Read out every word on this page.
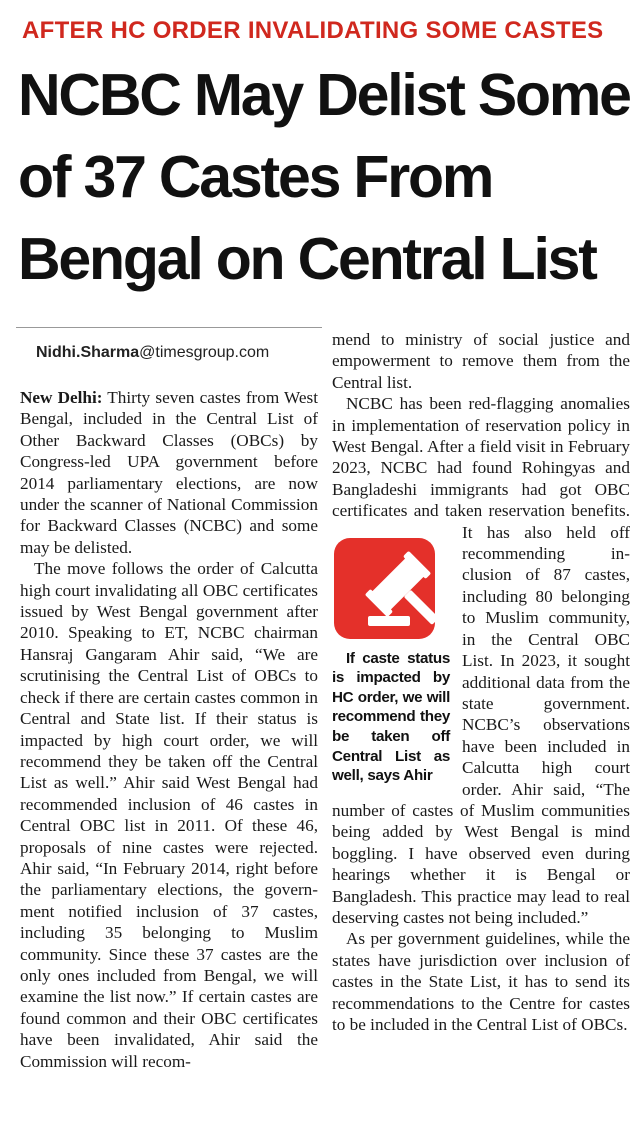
AFTER HC ORDER INVALIDATING SOME CASTES
NCBC May Delist Some
of 37 Castes From
Bengal on Central List
Nidhi.Sharma@timesgroup.com

New Delhi: Thirty seven castes from West Bengal, included in the Central List of Other Backward Classes (OBCs) by Congress-led UPA government before 2014 parliamentary elections, are now under the scanner of National Commission for Backward Classes (NCBC) and some may be delisted.

The move follows the order of Calcutta high court invalidating all OBC certificates issued by West Bengal government after 2010. Speaking to ET, NCBC chairman Hansraj Gangaram Ahir said, “We are scrutinising the Central List of OBCs to check if there are certain castes common in Central and State list. If their status is impacted by high court order, we will recommend they be taken off the Central List as well.” Ahir said West Bengal had recommended inclusion of 46 castes in Central OBC list in 2011. Of these 46, proposals of nine castes were rejected. Ahir said, “In February 2014, right before the parliamentary elections, the government notified inclusion of 37 castes, including 35 belonging to Muslim community. Since these 37 castes are the only ones included from Bengal, we will examine the list now.” If certain castes are found common and their OBC certificates have been invalidated, Ahir said the Commission will recom-

mend to ministry of social justice and empowerment to remove them from the Central list.

NCBC has been red-flagging anomalies in implementation of reservation policy in West Bengal. After a field visit in February 2023, NCBC had found Rohingyas and Bangladeshi immigrants had got OBC certificates and taken reservation benefits. It has also held off
If caste status is impacted by HC order, we will recommend they be taken off Central List as well, says Ahir
recommending inclusion of 87 castes, including 80 belonging to Muslim community, in the Central OBC List. In 2023, it sought additional data from the state government. NCBC’s observations have been included in Calcutta high court order. Ahir said, “The number of castes of Muslim communities being added by West Bengal is mind boggling. I have observed even during hearings whether it is Bengal or Bangladesh. This practice may lead to real deserving castes not being included.”

As per government guidelines, while the states have jurisdiction over inclusion of castes in the State List, it has to send its recommendations to the Centre for castes to be included in the Central List of OBCs.
